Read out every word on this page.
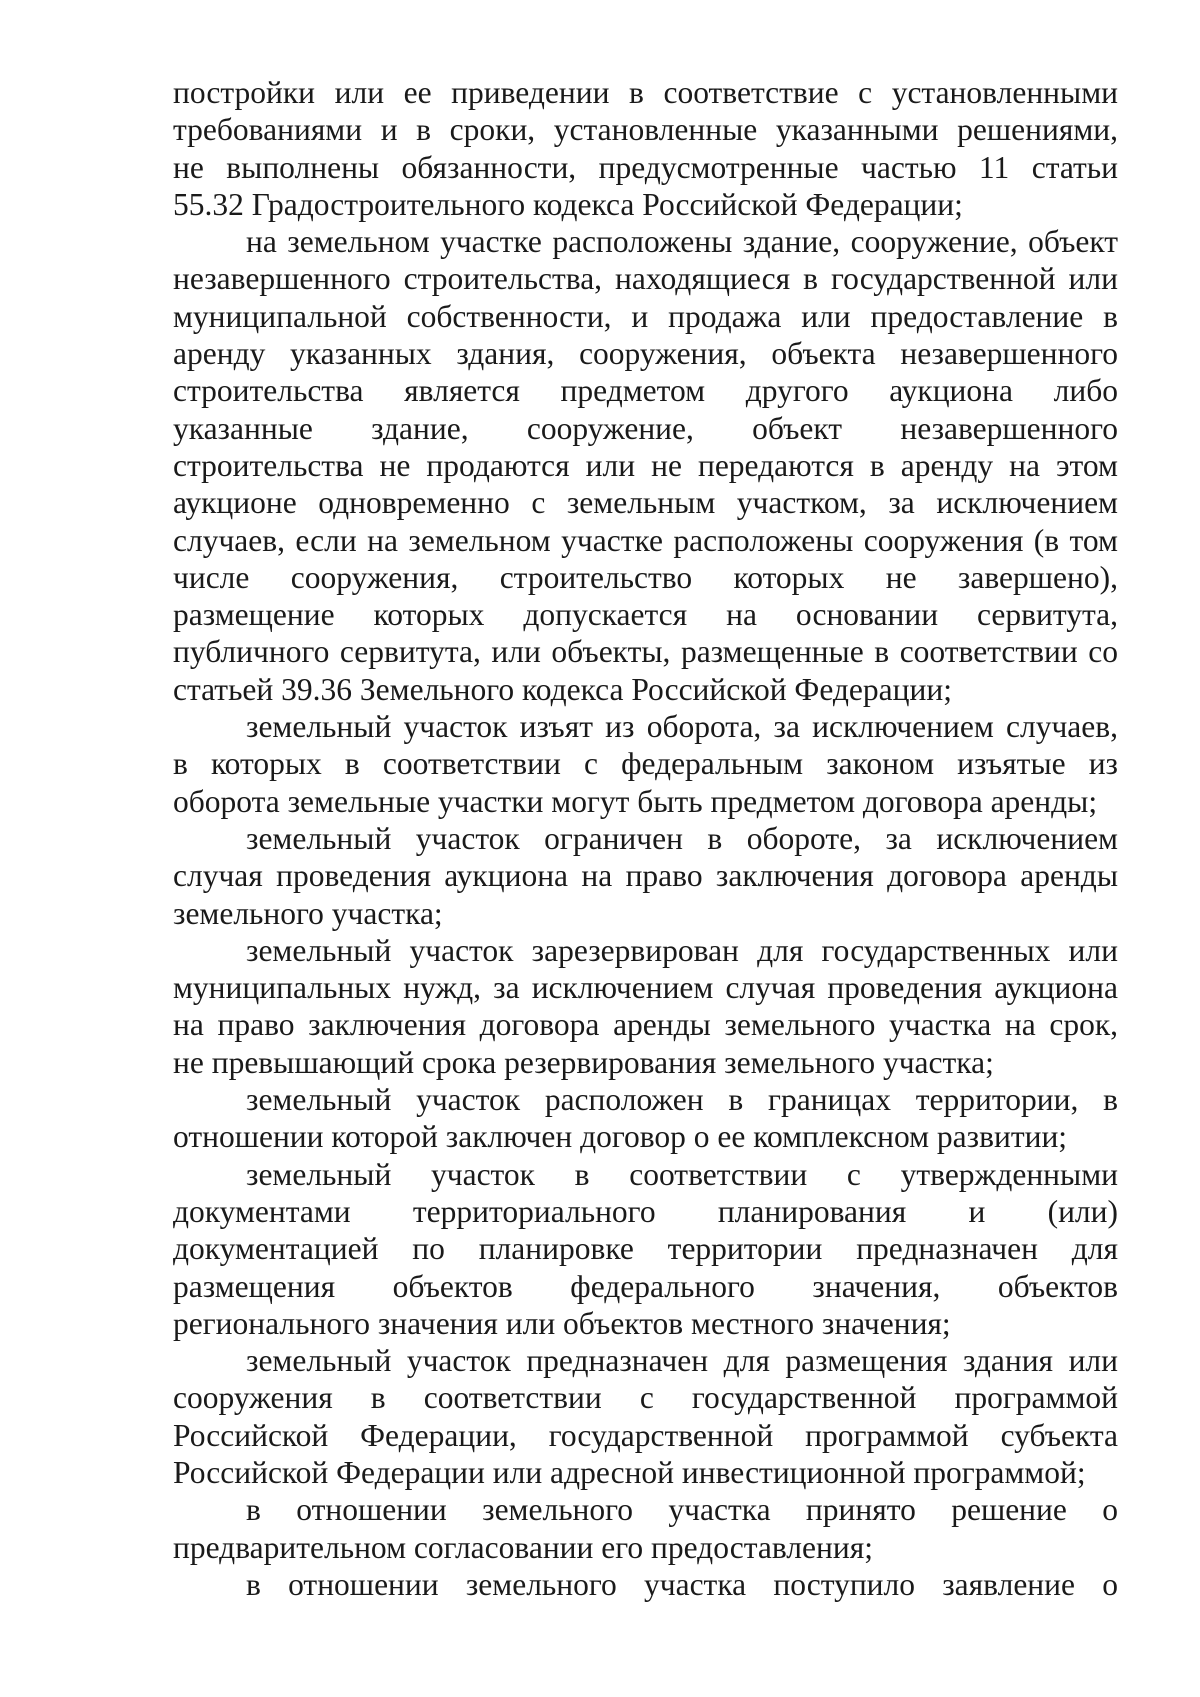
постройки или ее приведении в соответствие с установленными
требованиями и в сроки, установленные указанными решениями,
не выполнены обязанности, предусмотренные частью 11 статьи
55.32 Градостроительного кодекса Российской Федерации;
на земельном участке расположены здание, сооружение, объект
незавершенного строительства, находящиеся в государственной или
муниципальной собственности, и продажа или предоставление в
аренду указанных здания, сооружения, объекта незавершенного
строительства является предметом другого аукциона либо
указанные здание, сооружение, объект незавершенного
строительства не продаются или не передаются в аренду на этом
аукционе одновременно с земельным участком, за исключением
случаев, если на земельном участке расположены сооружения (в том
числе сооружения, строительство которых не завершено),
размещение которых допускается на основании сервитута,
публичного сервитута, или объекты, размещенные в соответствии со
статьей 39.36 Земельного кодекса Российской Федерации;
земельный участок изъят из оборота, за исключением случаев,
в которых в соответствии с федеральным законом изъятые из
оборота земельные участки могут быть предметом договора аренды;
земельный участок ограничен в обороте, за исключением
случая проведения аукциона на право заключения договора аренды
земельного участка;
земельный участок зарезервирован для государственных или
муниципальных нужд, за исключением случая проведения аукциона
на право заключения договора аренды земельного участка на срок,
не превышающий срока резервирования земельного участка;
земельный участок расположен в границах территории, в
отношении которой заключен договор о ее комплексном развитии;
земельный участок в соответствии с утвержденными
документами территориального планирования и (или)
документацией по планировке территории предназначен для
размещения объектов федерального значения, объектов
регионального значения или объектов местного значения;
земельный участок предназначен для размещения здания или
сооружения в соответствии с государственной программой
Российской Федерации, государственной программой субъекта
Российской Федерации или адресной инвестиционной программой;
в отношении земельного участка принято решение о
предварительном согласовании его предоставления;
в отношении земельного участка поступило заявление о
